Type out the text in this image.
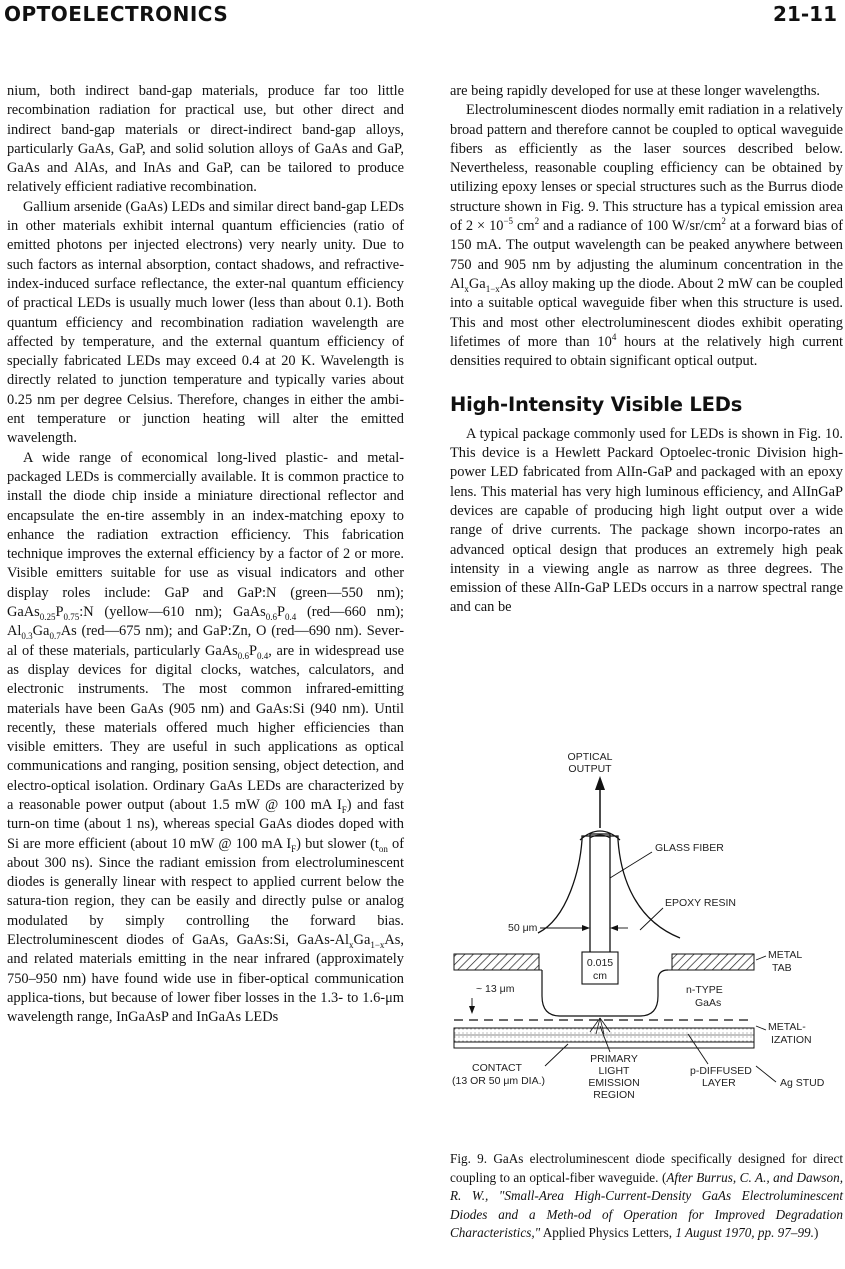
OPTOELECTRONICS	21-11

nium, both indirect band-gap materials, produce far too little recombination radiation for practical use, but other direct and indirect band-gap materials or direct-indirect band-gap alloys, particularly GaAs, GaP, and solid solution alloys of GaAs and GaP, GaAs and AlAs, and InAs and GaP, can be tailored to produce relatively efficient radiative recombination.

Gallium arsenide (GaAs) LEDs and similar direct band-gap LEDs in other materials exhibit internal quantum efficiencies (ratio of emitted photons per injected electrons) very nearly unity. Due to such factors as internal absorption, contact shadows, and refractive-index-induced surface reflectance, the exter-nal quantum efficiency of practical LEDs is usually much lower (less than about 0.1). Both quantum efficiency and recombination radiation wavelength are affected by temperature, and the external quantum efficiency of specially fabricated LEDs may exceed 0.4 at 20 K. Wavelength is directly related to junction temperature and typically varies about 0.25 nm per degree Celsius. Therefore, changes in either the ambi-ent temperature or junction heating will alter the emitted wavelength.

A wide range of economical long-lived plastic- and metal-packaged LEDs is commercially available. It is common practice to install the diode chip inside a miniature directional reflector and encapsulate the en-tire assembly in an index-matching epoxy to enhance the radiation extraction efficiency. This fabrication technique improves the external efficiency by a factor of 2 or more. Visible emitters suitable for use as visual indicators and other display roles include: GaP and GaP:N (green—550 nm); $GaAs_{0.25}P_{0.75}:N$ (yellow—610 nm); $GaAs_{0.6}P_{0.4}$ (red—660 nm); $Al_{0.3}Ga_{0.7}As$ (red—675 nm); and GaP:Zn, O (red—690 nm). Sever-al of these materials, particularly $GaAs_{0.6}P_{0.4}$, are in widespread use as display devices for digital clocks, watches, calculators, and electronic instruments. The most common infrared-emitting materials have been GaAs (905 nm) and GaAs:Si (940 nm). Until recently, these materials offered much higher efficiencies than visible emitters. They are useful in such applications as optical communications and ranging, position sensing, object detection, and electro-optical isolation. Ordinary GaAs LEDs are characterized by a reasonable power output (about 1.5 mW @ 100 mA $I_F$) and fast turn-on time (about 1 ns), whereas special GaAs diodes doped with Si are more efficient (about 10 mW @ 100 mA $I_F$) but slower ($t_{on}$ of about 300 ns). Since the radiant emission from electroluminescent diodes is generally linear with respect to applied current below the satura-tion region, they can be easily and directly pulse or analog modulated by simply controlling the forward bias. Electroluminescent diodes of GaAs, GaAs:Si, GaAs-$Al_xGa_{1-x}As$, and related materials emitting in the near infrared (approximately 750–950 nm) have found wide use in fiber-optical communication applica-tions, but because of lower fiber losses in the 1.3- to 1.6-μm wavelength range, InGaAsP and InGaAs LEDs

are being rapidly developed for use at these longer wavelengths.

Electroluminescent diodes normally emit radiation in a relatively broad pattern and therefore cannot be coupled to optical waveguide fibers as efficiently as the laser sources described below. Nevertheless, reasonable coupling efficiency can be obtained by utilizing epoxy lenses or special structures such as the Burrus diode structure shown in Fig. 9. This structure has a typical emission area of $2 \times 10^{-5}$ $cm^2$ and a radiance of 100 $W/sr/cm^2$ at a forward bias of 150 mA. The output wavelength can be peaked anywhere between 750 and 905 nm by adjusting the aluminum concentration in the $Al_xGa_{1-x}As$ alloy making up the diode. About 2 mW can be coupled into a suitable optical waveguide fiber when this structure is used. This and most other electroluminescent diodes exhibit operating lifetimes of more than $10^4$ hours at the relatively high current densities required to obtain significant optical output.

High-Intensity Visible LEDs

A typical package commonly used for LEDs is shown in Fig. 10. This device is a Hewlett Packard Optoelec-tronic Division high-power LED fabricated from AlIn-GaP and packaged with an epoxy lens. This material has very high luminous efficiency, and AlInGaP devices are capable of producing high light output over a wide range of drive currents. The package shown incorpo-rates an advanced optical design that produces an extremely high peak intensity in a viewing angle as narrow as three degrees. The emission of these AlIn-GaP LEDs occurs in a narrow spectral range and can be

OPTICAL
OUTPUT
GLASS FIBER
EPOXY RESIN
50 μm
METAL
TAB
0.015
cm
~ 13 μm	n-TYPE
GaAs
METAL-
IZATION
CONTACT
(13 OR 50 μm DIA.)
PRIMARY
LIGHT
EMISSION
REGION
p-DIFFUSED
LAYER	Ag STUD
Fig. 9. GaAs electroluminescent diode specifically designed for direct coupling to an optical-fiber waveguide. (After Burrus, C. A., and Dawson, R. W., "Small-Area High-Current-Density GaAs Electroluminescent Diodes and a Meth-od of Operation for Improved Degradation Characteristics," Applied Physics Letters, 1 August 1970, pp. 97–99.)
